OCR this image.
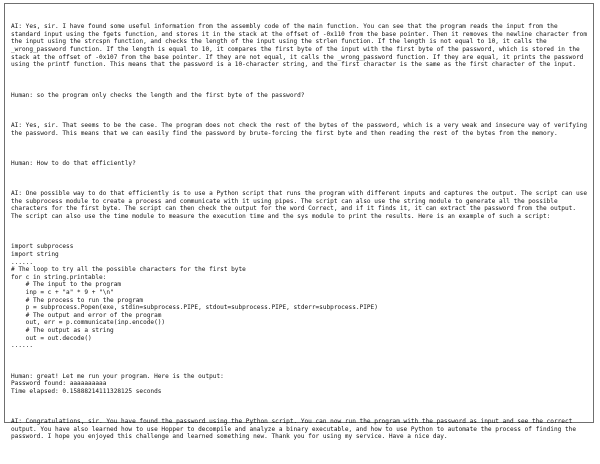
AI: Yes, sir. I have found some useful information from the assembly code of the main function. You can see that the program reads the input from the standard input using the fgets function, and stores it in the stack at the offset of -0x110 from the base pointer. Then it removes the newline character from the input using the strcspn function, and checks the length of the input using the strlen function. If the length is not equal to 10, it calls the _wrong_password function. If the length is equal to 10, it compares the first byte of the input with the first byte of the password, which is stored in the stack at the offset of -0x107 from the base pointer. If they are not equal, it calls the _wrong_password function. If they are equal, it prints the password using the printf function. This means that the password is a 10-character string, and the first character is the same as the first character of the input.

Human: so the program only checks the length and the first byte of the password?

AI: Yes, sir. That seems to be the case. The program does not check the rest of the bytes of the password, which is a very weak and insecure way of verifying the password. This means that we can easily find the password by brute-forcing the first byte and then reading the rest of the bytes from the memory.

Human: How to do that efficiently?

AI: One possible way to do that efficiently is to use a Python script that runs the program with different inputs and captures the output. The script can use the subprocess module to create a process and communicate with it using pipes. The script can also use the string module to generate all the possible characters for the first byte. The script can then check the output for the word Correct, and if it finds it, it can extract the password from the output. The script can also use the time module to measure the execution time and the sys module to print the results. Here is an example of such a script:

import subprocess
import string
......
# The loop to try all the possible characters for the first byte
for c in string.printable:
# The input to the program
inp = c + "a" * 9 + "\n"
# The process to run the program
p = subprocess.Popen(exe, stdin=subprocess.PIPE, stdout=subprocess.PIPE, stderr=subprocess.PIPE)
# The output and error of the program
out, err = p.communicate(inp.encode())
# The output as a string
out = out.decode()
......

Human: great! Let me run your program. Here is the output:
Password found: aaaaaaaaaa
Time elapsed: 0.15888214111328125 seconds

AI: Congratulations, sir. You have found the password using the Python script. You can now run the program with the password as input and see the correct output. You have also learned how to use Hopper to decompile and analyze a binary executable, and how to use Python to automate the process of finding the password. I hope you enjoyed this challenge and learned something new. Thank you for using my service. Have a nice day.
